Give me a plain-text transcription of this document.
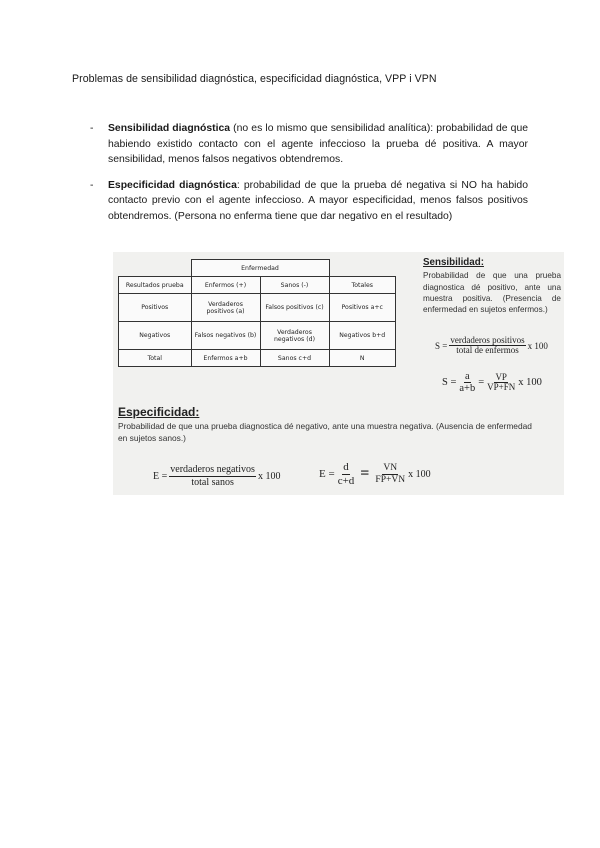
Problemas de sensibilidad diagnóstica, especificidad diagnóstica, VPP i VPN
- Sensibilidad diagnóstica (no es lo mismo que sensibilidad analítica): probabilidad de que habiendo existido contacto con el agente infeccioso la prueba dé positiva. A mayor sensibilidad, menos falsos negativos obtendremos.
- Especificidad diagnóstica: probabilidad de que la prueba dé negativa si NO ha habido contacto previo con el agente infeccioso. A mayor especificidad, menos falsos positivos obtendremos. (Persona no enferma tiene que dar negativo en el resultado)
	Enfermedad		
Resultados prueba	Enfermos (+)	Sanos (-)	Totales
Positivos	Verdaderos positivos (a)	Falsos positivos (c)	Positivos a+c
Negativos	Falsos negativos (b)	Verdaderos negativos (d)	Negativos b+d
Total	Enfermos a+b	Sanos c+d	N
Sensibilidad:
Probabilidad de que una prueba diagnostica dé positivo, ante una muestra positiva. (Presencia de enfermedad en sujetos enfermos.)
$S = \frac{\text{verdaderos positivos}}{\text{total de enfermos}}$ x 100
$S = \frac{a}{a+b} = \frac{VP}{VP+FN}$ x 100
Especificidad:
Probabilidad de que una prueba diagnostica dé negativo, ante una muestra negativa. (Ausencia de enfermedad en sujetos sanos.)
$E = \frac{\text{verdaderos negativos}}{\text{total sanos}}$ x 100	$E = \frac{d}{c+d} = \frac{VN}{FP+VN}$ x 100
